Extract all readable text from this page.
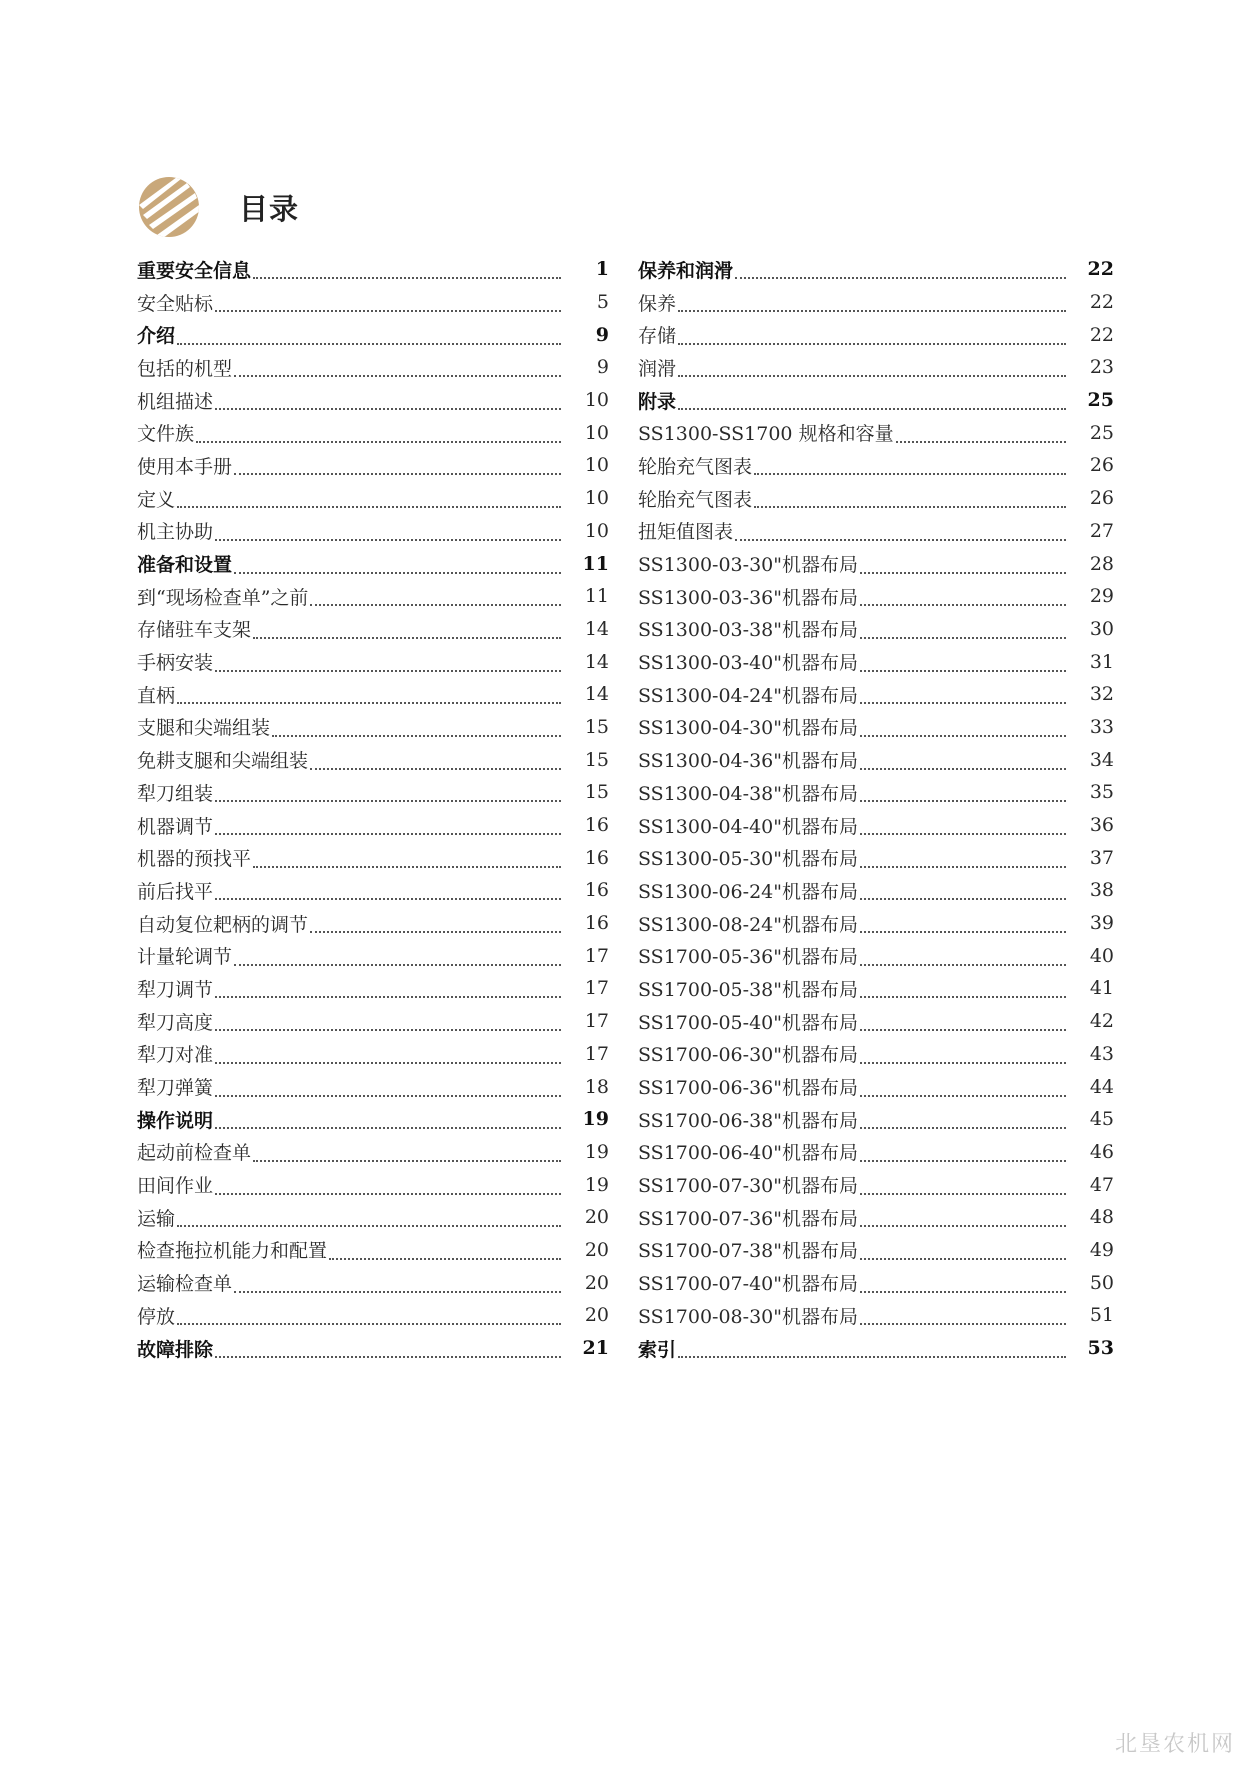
目录
重要安全信息	1
安全贴标	5
介绍	9
包括的机型	9
机组描述	10
文件族	10
使用本手册	10
定义	10
机主协助	10
准备和设置	11
到“现场检查单”之前	11
存储驻车支架	14
手柄安装	14
直柄	14
支腿和尖端组装	15
免耕支腿和尖端组装	15
犁刀组装	15
机器调节	16
机器的预找平	16
前后找平	16
自动复位耙柄的调节	16
计量轮调节	17
犁刀调节	17
犁刀高度	17
犁刀对准	17
犁刀弹簧	18
操作说明	19
起动前检查单	19
田间作业	19
运输	20
检查拖拉机能力和配置	20
运输检查单	20
停放	20
故障排除	21
保养和润滑	22
保养	22
存储	22
润滑	23
附录	25
SS1300-SS1700 规格和容量	25
轮胎充气图表	26
轮胎充气图表	26
扭矩值图表	27
SS1300-03-30"机器布局	28
SS1300-03-36"机器布局	29
SS1300-03-38"机器布局	30
SS1300-03-40"机器布局	31
SS1300-04-24"机器布局	32
SS1300-04-30"机器布局	33
SS1300-04-36"机器布局	34
SS1300-04-38"机器布局	35
SS1300-04-40"机器布局	36
SS1300-05-30"机器布局	37
SS1300-06-24"机器布局	38
SS1300-08-24"机器布局	39
SS1700-05-36"机器布局	40
SS1700-05-38"机器布局	41
SS1700-05-40"机器布局	42
SS1700-06-30"机器布局	43
SS1700-06-36"机器布局	44
SS1700-06-38"机器布局	45
SS1700-06-40"机器布局	46
SS1700-07-30"机器布局	47
SS1700-07-36"机器布局	48
SS1700-07-38"机器布局	49
SS1700-07-40"机器布局	50
SS1700-08-30"机器布局	51
索引	53
北垦农机网
